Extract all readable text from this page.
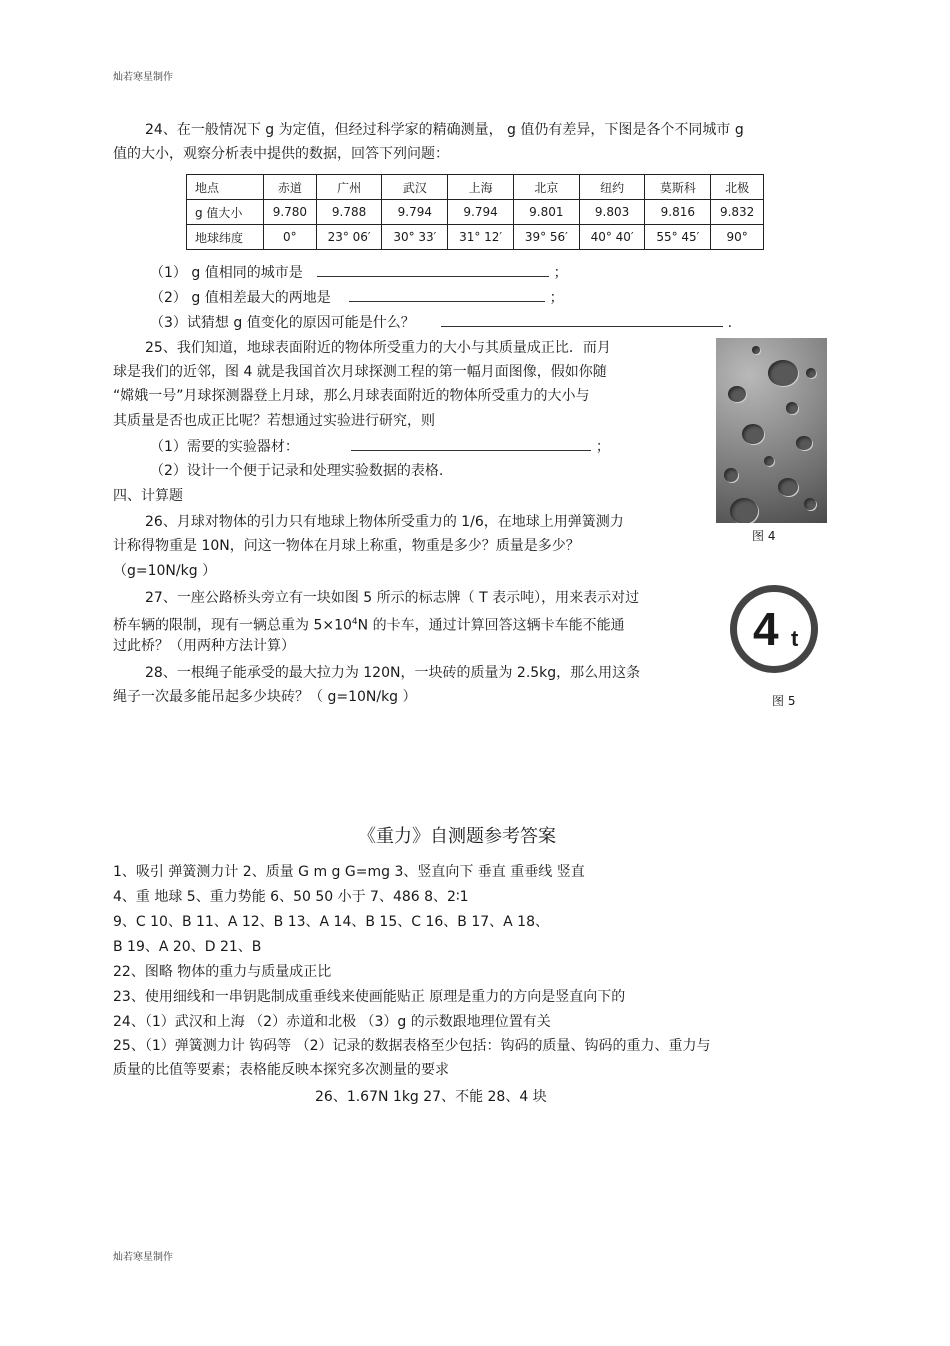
灿若寒星制作
24、在一般情况下 g 为定值，但经过科学家的精确测量， g 值仍有差异，下图是各个不同城市 g
值的大小，观察分析表中提供的数据，回答下列问题：
地点	赤道	广州	武汉	上海	北京	纽约	莫斯科	北极
g 值大小	9.780	9.788	9.794	9.794	9.801	9.803	9.816	9.832
地球纬度	0°	23° 06′	30° 33′	31° 12′	39° 56′	40° 40′	55° 45′	90°
（1） g 值相同的城市是	；
（2） g 值相差最大的两地是	；
（3）试猜想 g 值变化的原因可能是什么？	.
25、我们知道，地球表面附近的物体所受重力的大小与其质量成正比．而月
球是我们的近邻，图 4 就是我国首次月球探测工程的第一幅月面图像，假如你随
“嫦娥一号”月球探测器登上月球，那么月球表面附近的物体所受重力的大小与
其质量是否也成正比呢？若想通过实验进行研究，则
（1）需要的实验器材：	；
（2）设计一个便于记录和处理实验数据的表格.
图 4
四、计算题
26、月球对物体的引力只有地球上物体所受重力的 1/6，在地球上用弹簧测力
计称得物重是 10N，问这一物体在月球上称重，物重是多少？质量是多少？
（g=10N/kg ）
27、一座公路桥头旁立有一块如图 5 所示的标志牌（ T 表示吨），用来表示对过
桥车辆的限制，现有一辆总重为 $5\times 10^4N$ 的卡车，通过计算回答这辆卡车能不能通
过此桥？（用两种方法计算）	4 t
图 5
28、一根绳子能承受的最大拉力为 120N，一块砖的质量为 2.5kg，那么用这条
绳子一次最多能吊起多少块砖？（ g=10N/kg ）
《重力》自测题参考答案
1、吸引 弹簧测力计 2、质量 G m g G=mg 3、竖直向下 垂直 重垂线 竖直
4、重 地球 5、重力势能 6、50 50 小于 7、486 8、2∶1
9、C 10、B 11、A 12、B 13、A 14、B 15、C 16、B 17、A 18、
B 19、A 20、D 21、B
22、图略 物体的重力与质量成正比
23、使用细线和一串钥匙制成重垂线来使画能贴正 原理是重力的方向是竖直向下的
24、（1）武汉和上海 （2）赤道和北极 （3）g 的示数跟地理位置有关
25、（1）弹簧测力计 钩码等 （2）记录的数据表格至少包括：钩码的质量、钩码的重力、重力与
质量的比值等要素；表格能反映本探究多次测量的要求
26、1.67N 1kg 27、不能 28、4 块
灿若寒星制作
